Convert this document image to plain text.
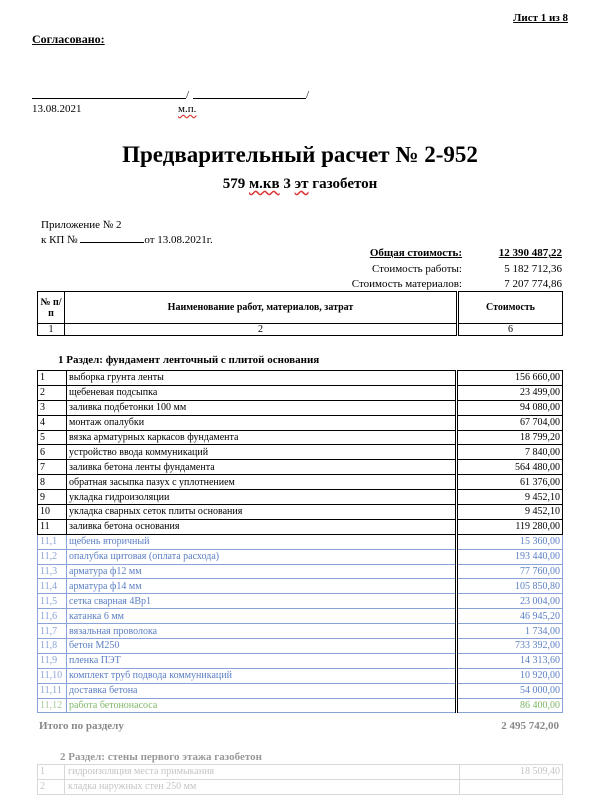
Лист 1 из 8
Согласовано:
/	/
13.08.2021	м.п.
Предварительный расчет № 2-952
579 м.кв 3 эт газобетон
Приложение № 2
к КП №	от 13.08.2021г.
Общая стоимость:	12 390 487,22
Стоимость работы:	5 182 712,36
Стоимость материалов:	7 207 774,86
№ п/п	Наименование работ, материалов, затрат	Стоимость
1	2	6
1 Раздел: фундамент ленточный с плитой основания
1	выборка грунта ленты	156 660,00
2	щебеневая подсыпка	23 499,00
3	заливка подбетонки 100 мм	94 080,00
4	монтаж опалубки	67 704,00
5	вязка арматурных каркасов фундамента	18 799,20
6	устройство ввода коммуникаций	7 840,00
7	заливка бетона ленты фундамента	564 480,00
8	обратная засыпка пазух с уплотнением	61 376,00
9	укладка гидроизоляции	9 452,10
10	укладка сварных сеток плиты основания	9 452,10
11	заливка бетона основания	119 280,00
11,1	щебень вторичный	15 360,00
11,2	опалубка щитовая (оплата расхода)	193 440,00
11,3	арматура ф12 мм	77 760,00
11,4	арматура ф14 мм	105 850,80
11,5	сетка сварная 4Вр1	23 004,00
11,6	катанка 6 мм	46 945,20
11,7	вязальная проволока	1 734,00
11,8	бетон М250	733 392,00
11,9	пленка ПЭТ	14 313,60
11,10	комплект труб подвода коммуникаций	10 920,00
11,11	доставка бетона	54 000,00
11,12	работа бетононасоса	86 400,00
Итого по разделу	2 495 742,00
2 Раздел: стены первого этажа газобетон
1	гидроизоляция места примыкания	18 509,40
2	кладка наружных стен 250 мм
